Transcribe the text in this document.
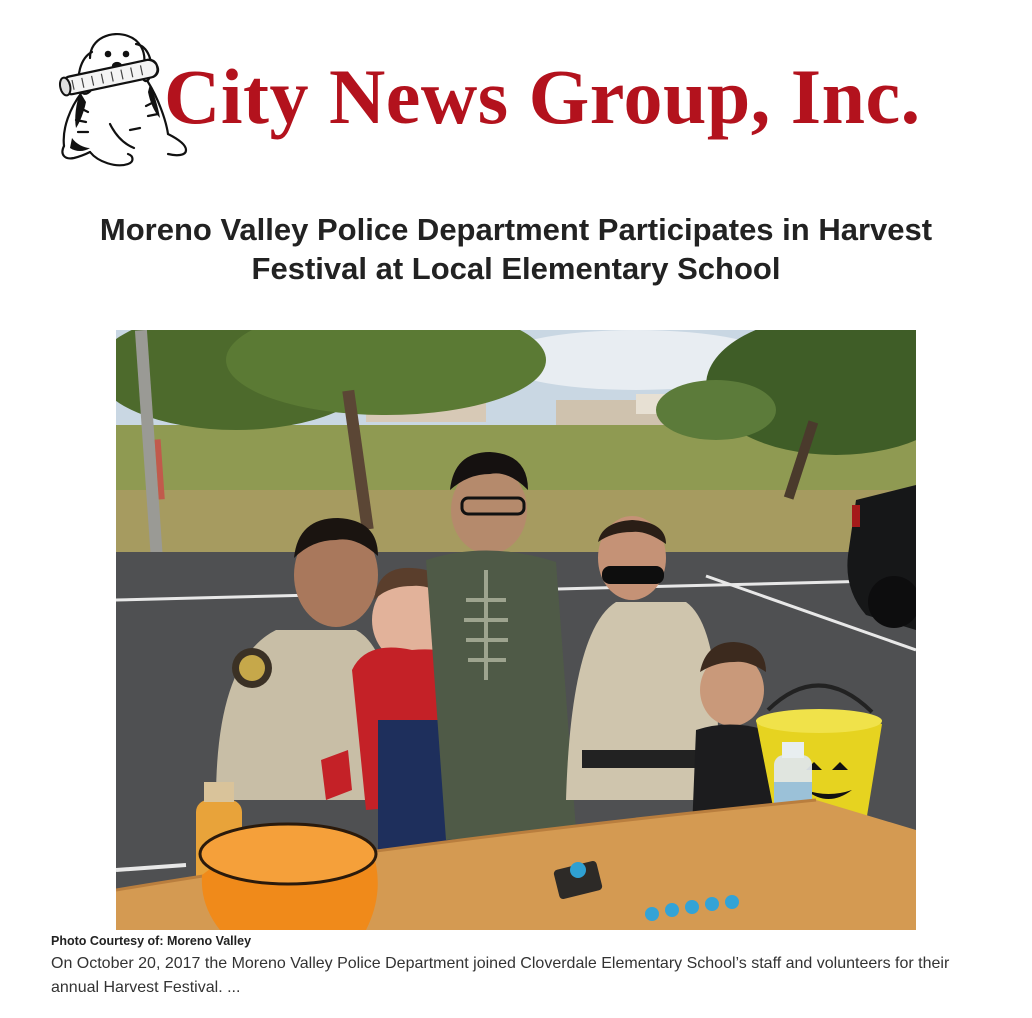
City News Group, Inc.
Moreno Valley Police Department Participates in Harvest Festival at Local Elementary School
Photo Courtesy of: Moreno Valley

On October 20, 2017 the Moreno Valley Police Department joined Cloverdale Elementary School’s staff and volunteers for their annual Harvest Festival. ...
